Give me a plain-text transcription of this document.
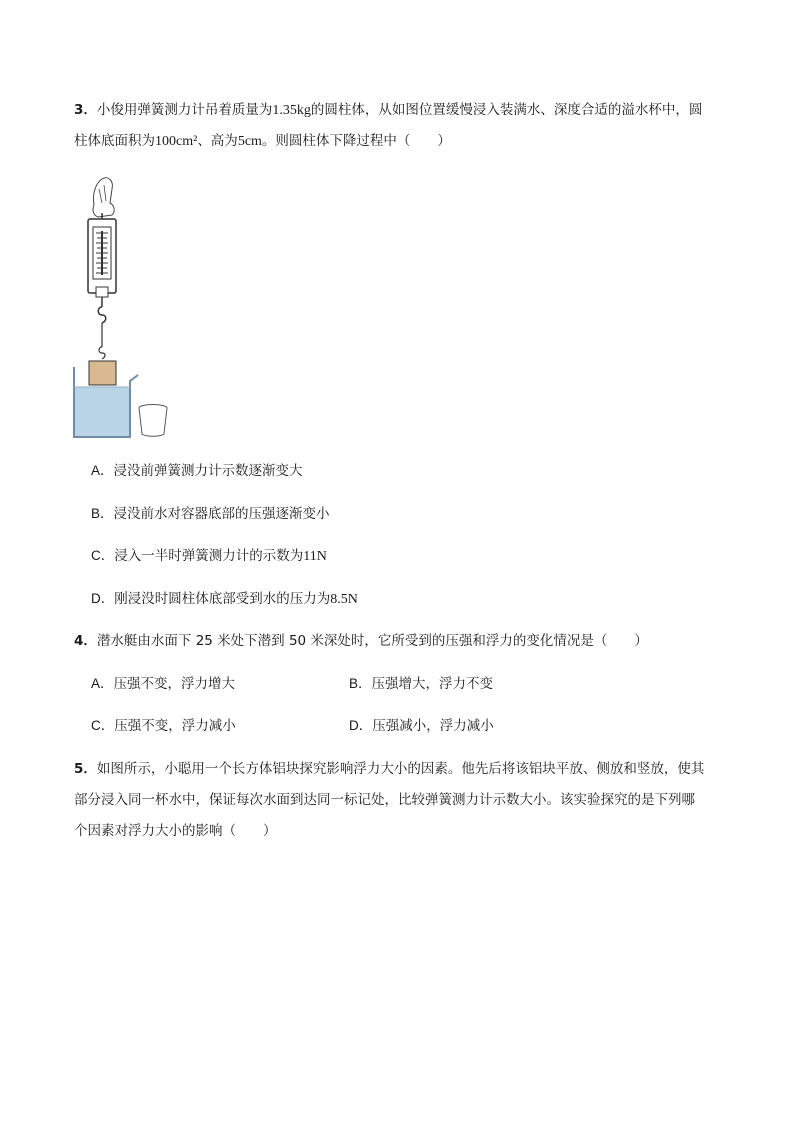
3．小俊用弹簧测力计吊着质量为1.35kg的圆柱体，从如图位置缓慢浸入装满水、深度合适的溢水杯中，圆
柱体底面积为100cm²、高为5cm。则圆柱体下降过程中（　　）
A．浸没前弹簧测力计示数逐渐变大
B．浸没前水对容器底部的压强逐渐变小
C．浸入一半时弹簧测力计的示数为11N
D．刚浸没时圆柱体底部受到水的压力为8.5N
4．潜水艇由水面下 25 米处下潜到 50 米深处时，它所受到的压强和浮力的变化情况是（　　）
A．压强不变，浮力增大	B．压强增大，浮力不变
C．压强不变，浮力减小	D．压强减小，浮力减小
5．如图所示，小聪用一个长方体铝块探究影响浮力大小的因素。他先后将该铝块平放、侧放和竖放，使其
部分浸入同一杯水中，保证每次水面到达同一标记处，比较弹簧测力计示数大小。该实验探究的是下列哪
个因素对浮力大小的影响（　　）
